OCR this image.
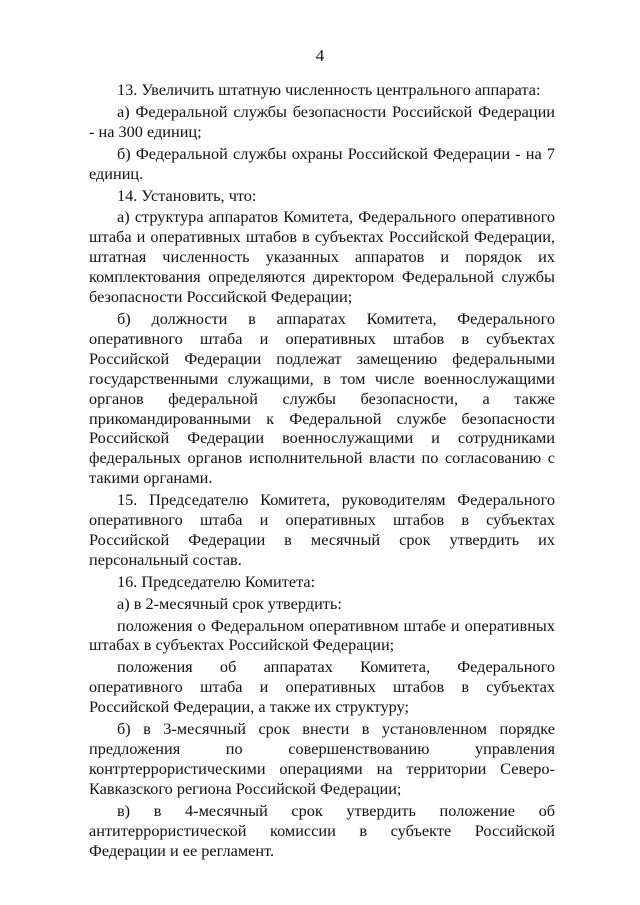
4

13. Увеличить штатную численность центрального аппарата:

а) Федеральной службы безопасности Российской Федерации - на 300 единиц;

б) Федеральной службы охраны Российской Федерации - на 7 единиц.

14. Установить, что:

а) структура аппаратов Комитета, Федерального оперативного штаба и оперативных штабов в субъектах Российской Федерации, штатная численность указанных аппаратов и порядок их комплектования определяются директором Федеральной службы безопасности Российской Федерации;

б) должности в аппаратах Комитета, Федерального оперативного штаба и оперативных штабов в субъектах Российской Федерации подлежат замещению федеральными государственными служащими, в том числе военнослужащими органов федеральной службы безопасности, а также прикомандированными к Федеральной службе безопасности Российской Федерации военнослужащими и сотрудниками федеральных органов исполнительной власти по согласованию с такими органами.

15. Председателю Комитета, руководителям Федерального оперативного штаба и оперативных штабов в субъектах Российской Федерации в месячный срок утвердить их персональный состав.

16. Председателю Комитета:

а) в 2-месячный срок утвердить:

положения о Федеральном оперативном штабе и оперативных штабах в субъектах Российской Федерации;

положения об аппаратах Комитета, Федерального оперативного штаба и оперативных штабов в субъектах Российской Федерации, а также их структуру;

б) в 3-месячный срок внести в установленном порядке предложения по совершенствованию управления контртеррористическими операциями на территории Северо-Кавказского региона Российской Федерации;

в) в 4-месячный срок утвердить положение об антитеррористической комиссии в субъекте Российской Федерации и ее регламент.
